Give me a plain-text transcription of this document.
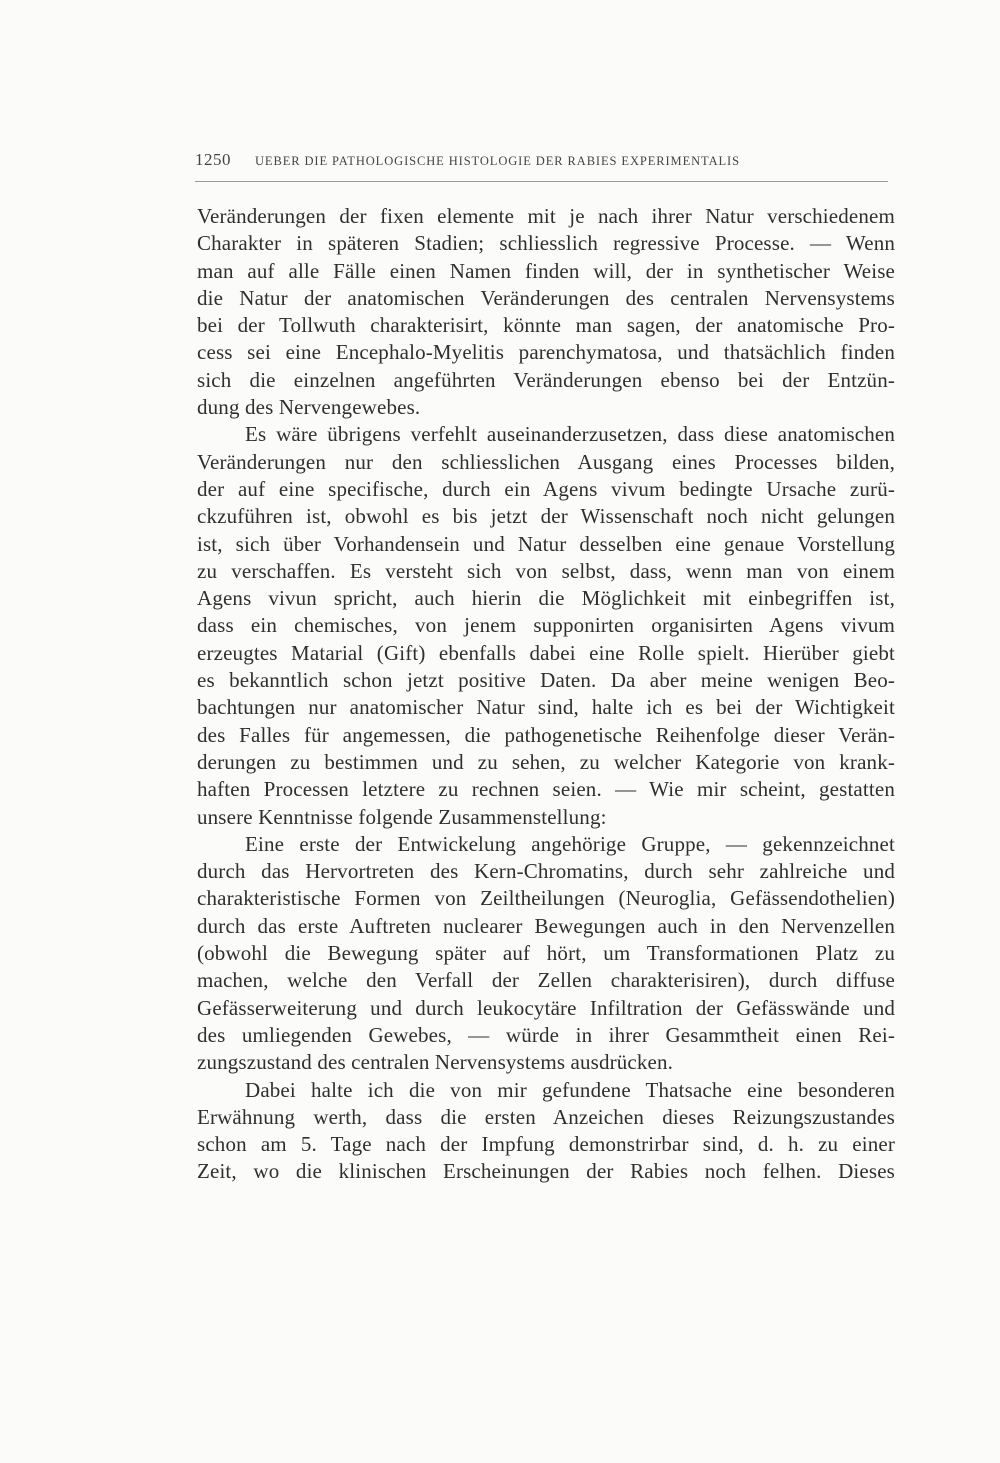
1250 UEBER DIE PATHOLOGISCHE HISTOLOGIE DER RABIES EXPERIMENTALIS
Veränderungen der fixen elemente mit je nach ihrer Natur verschiedenem
Charakter in späteren Stadien; schliesslich regressive Processe. — Wenn
man auf alle Fälle einen Namen finden will, der in synthetischer Weise
die Natur der anatomischen Veränderungen des centralen Nervensystems
bei der Tollwuth charakterisirt, könnte man sagen, der anatomische Pro-
cess sei eine Encephalo-Myelitis parenchymatosa, und thatsächlich finden
sich die einzelnen angeführten Veränderungen ebenso bei der Entzün-
dung des Nervengewebes.
Es wäre übrigens verfehlt auseinanderzusetzen, dass diese anatomischen
Veränderungen nur den schliesslichen Ausgang eines Processes bilden,
der auf eine specifische, durch ein Agens vivum bedingte Ursache zurü-
ckzuführen ist, obwohl es bis jetzt der Wissenschaft noch nicht gelungen
ist, sich über Vorhandensein und Natur desselben eine genaue Vorstellung
zu verschaffen. Es versteht sich von selbst, dass, wenn man von einem
Agens vivun spricht, auch hierin die Möglichkeit mit einbegriffen ist,
dass ein chemisches, von jenem supponirten organisirten Agens vivum
erzeugtes Matarial (Gift) ebenfalls dabei eine Rolle spielt. Hierüber giebt
es bekanntlich schon jetzt positive Daten. Da aber meine wenigen Beo-
bachtungen nur anatomischer Natur sind, halte ich es bei der Wichtigkeit
des Falles für angemessen, die pathogenetische Reihenfolge dieser Verän-
derungen zu bestimmen und zu sehen, zu welcher Kategorie von krank-
haften Processen letztere zu rechnen seien. — Wie mir scheint, gestatten
unsere Kenntnisse folgende Zusammenstellung:
Eine erste der Entwickelung angehörige Gruppe, — gekennzeichnet
durch das Hervortreten des Kern-Chromatins, durch sehr zahlreiche und
charakteristische Formen von Zeiltheilungen (Neuroglia, Gefässendothelien)
durch das erste Auftreten nuclearer Bewegungen auch in den Nervenzellen
(obwohl die Bewegung später auf hört, um Transformationen Platz zu
machen, welche den Verfall der Zellen charakterisiren), durch diffuse
Gefässerweiterung und durch leukocytäre Infiltration der Gefässwände und
des umliegenden Gewebes, — würde in ihrer Gesammtheit einen Rei-
zungszustand des centralen Nervensystems ausdrücken.
Dabei halte ich die von mir gefundene Thatsache eine besonderen
Erwähnung werth, dass die ersten Anzeichen dieses Reizungszustandes
schon am 5. Tage nach der Impfung demonstrirbar sind, d. h. zu einer
Zeit, wo die klinischen Erscheinungen der Rabies noch felhen. Dieses
